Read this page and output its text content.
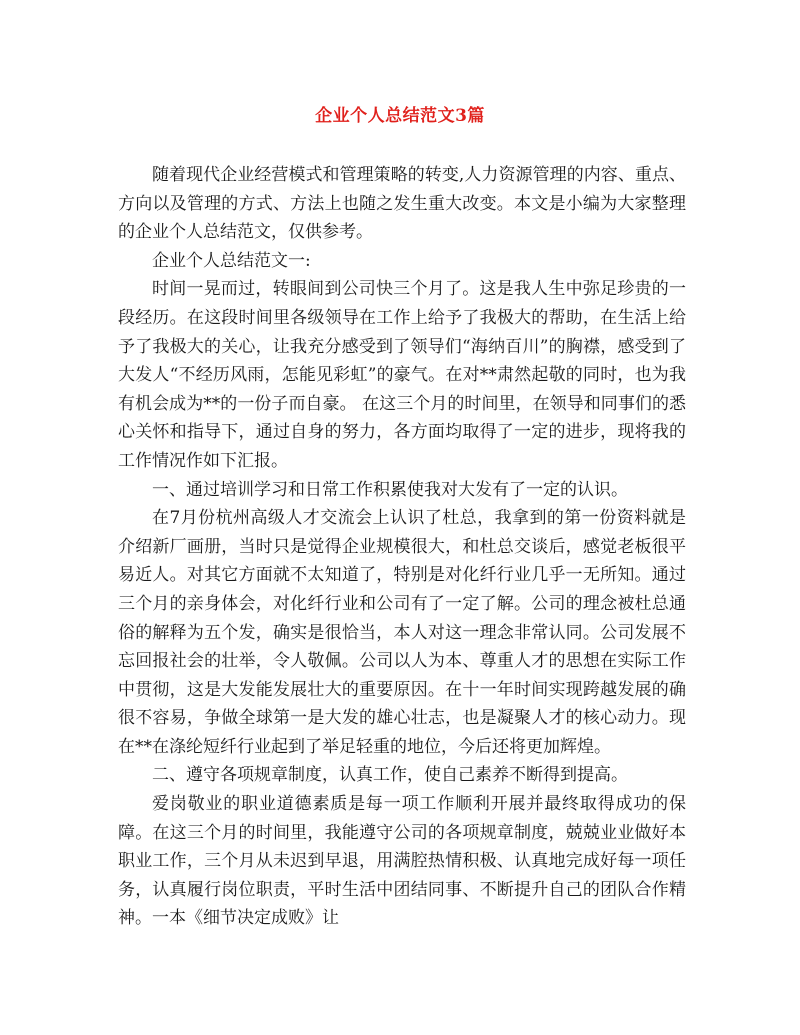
企业个人总结范文3篇

随着现代企业经营模式和管理策略的转变,人力资源管理的内容、重点、方向以及管理的方式、方法上也随之发生重大改变。本文是小编为大家整理的企业个人总结范文，仅供参考。

企业个人总结范文一:

时间一晃而过，转眼间到公司快三个月了。这是我人生中弥足珍贵的一段经历。在这段时间里各级领导在工作上给予了我极大的帮助，在生活上给予了我极大的关心，让我充分感受到了领导们“海纳百川”的胸襟，感受到了大发人“不经历风雨，怎能见彩虹”的豪气。在对**肃然起敬的同时，也为我有机会成为**的一份子而自豪。 在这三个月的时间里，在领导和同事们的悉心关怀和指导下，通过自身的努力，各方面均取得了一定的进步，现将我的工作情况作如下汇报。

一、通过培训学习和日常工作积累使我对大发有了一定的认识。

在7月份杭州高级人才交流会上认识了杜总，我拿到的第一份资料就是介绍新厂画册，当时只是觉得企业规模很大，和杜总交谈后，感觉老板很平易近人。对其它方面就不太知道了，特别是对化纤行业几乎一无所知。通过三个月的亲身体会，对化纤行业和公司有了一定了解。公司的理念被杜总通俗的解释为五个发，确实是很恰当，本人对这一理念非常认同。公司发展不忘回报社会的壮举，令人敬佩。公司以人为本、尊重人才的思想在实际工作中贯彻，这是大发能发展壮大的重要原因。在十一年时间实现跨越发展的确很不容易，争做全球第一是大发的雄心壮志，也是凝聚人才的核心动力。现在**在涤纶短纤行业起到了举足轻重的地位，今后还将更加辉煌。

二、遵守各项规章制度，认真工作，使自己素养不断得到提高。

爱岗敬业的职业道德素质是每一项工作顺利开展并最终取得成功的保障。在这三个月的时间里，我能遵守公司的各项规章制度，兢兢业业做好本职业工作，三个月从未迟到早退，用满腔热情积极、认真地完成好每一项任务，认真履行岗位职责，平时生活中团结同事、不断提升自己的团队合作精神。一本《细节决定成败》让
